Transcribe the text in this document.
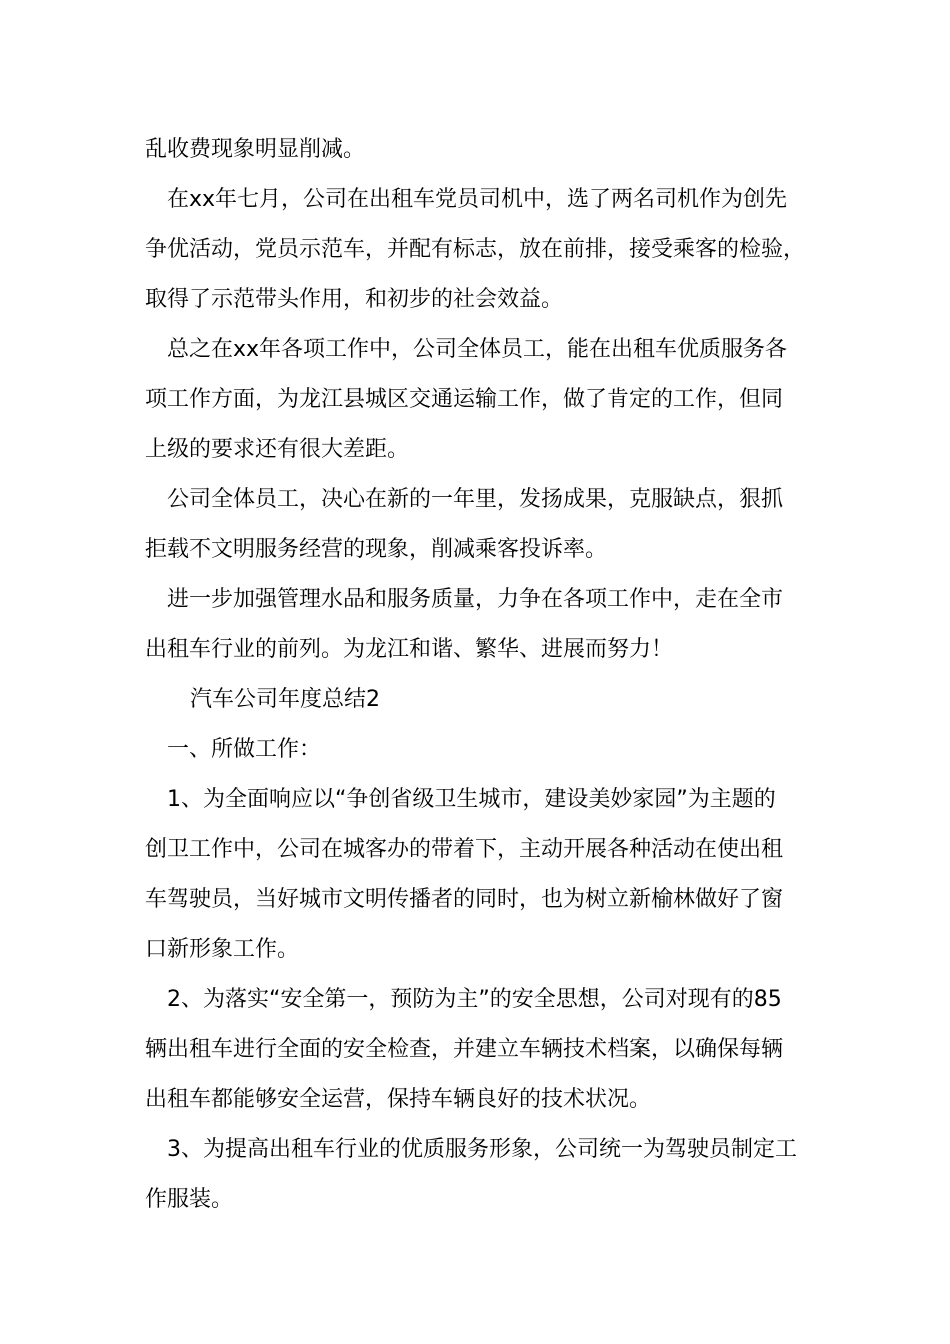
乱收费现象明显削减。
在xx年七月，公司在出租车党员司机中，选了两名司机作为创先
争优活动，党员示范车，并配有标志，放在前排，接受乘客的检验，
取得了示范带头作用，和初步的社会效益。
总之在xx年各项工作中，公司全体员工，能在出租车优质服务各
项工作方面，为龙江县城区交通运输工作，做了肯定的工作，但同
上级的要求还有很大差距。
公司全体员工，决心在新的一年里，发扬成果，克服缺点，狠抓
拒载不文明服务经营的现象，削减乘客投诉率。
进一步加强管理水品和服务质量，力争在各项工作中，走在全市
出租车行业的前列。为龙江和谐、繁华、进展而努力！
汽车公司年度总结2
一、所做工作：
1、为全面响应以“争创省级卫生城市，建设美妙家园”为主题的
创卫工作中，公司在城客办的带着下，主动开展各种活动在使出租
车驾驶员，当好城市文明传播者的同时，也为树立新榆林做好了窗
口新形象工作。
2、为落实“安全第一，预防为主”的安全思想，公司对现有的85
辆出租车进行全面的安全检查，并建立车辆技术档案，以确保每辆
出租车都能够安全运营，保持车辆良好的技术状况。
3、为提高出租车行业的优质服务形象，公司统一为驾驶员制定工
作服装。
